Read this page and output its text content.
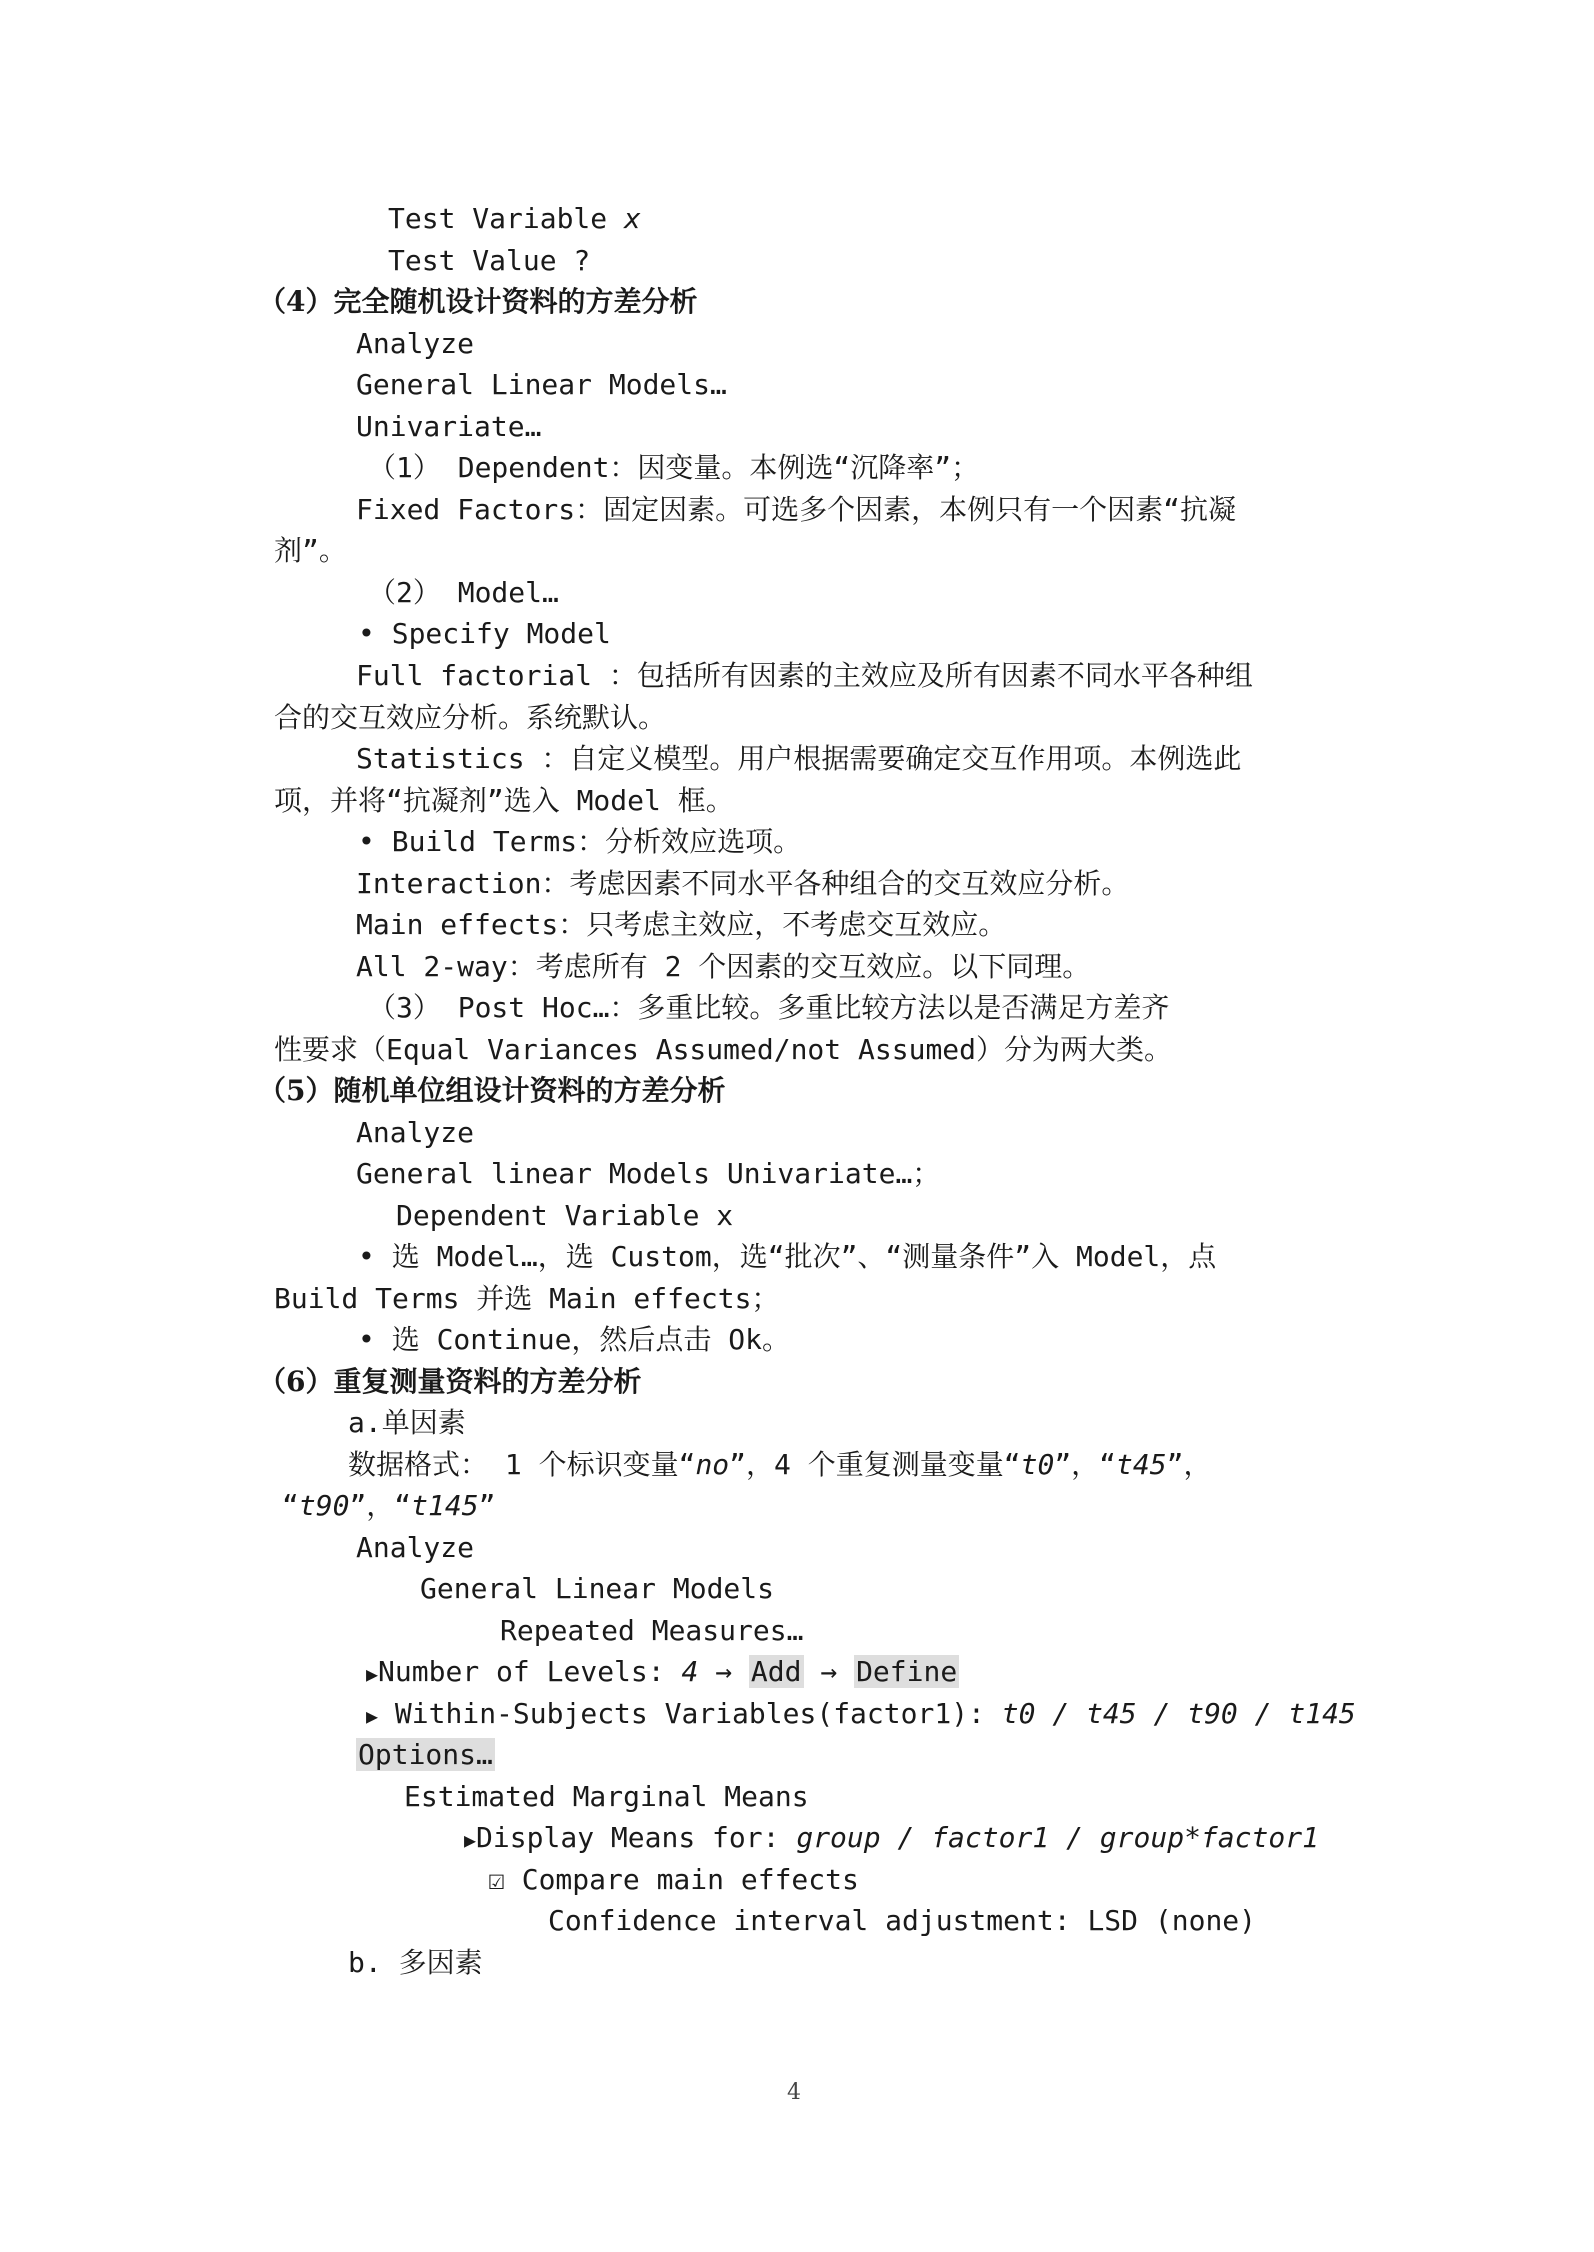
Test Variable x
Test Value ?
（4）完全随机设计资料的方差分析
Analyze
General Linear Models…
Univariate…
（1） Dependent：因变量。本例选“沉降率”；
Fixed Factors：固定因素。可选多个因素，本例只有一个因素“抗凝
剂”。
（2） Model…
• Specify Model
Full factorial ：包括所有因素的主效应及所有因素不同水平各种组
合的交互效应分析。系统默认。
Statistics ：自定义模型。用户根据需要确定交互作用项。本例选此
项，并将“抗凝剂”选入 Model 框。
• Build Terms：分析效应选项。
Interaction：考虑因素不同水平各种组合的交互效应分析。
Main effects：只考虑主效应，不考虑交互效应。
All 2-way：考虑所有 2 个因素的交互效应。以下同理。
（3） Post Hoc…：多重比较。多重比较方法以是否满足方差齐
性要求（Equal Variances Assumed/not Assumed）分为两大类。
（5）随机单位组设计资料的方差分析
Analyze
General linear Models Univariate…；
Dependent Variable x
• 选 Model…，选 Custom，选“批次”、“测量条件”入 Model，点
Build Terms 并选 Main effects；
• 选 Continue，然后点击 Ok。
（6）重复测量资料的方差分析
a.单因素
数据格式： 1 个标识变量“no”，4 个重复测量变量“t0”，“t45”，
“t90”，“t145”
Analyze
General Linear Models
Repeated Measures…
▶Number of Levels: 4 → Add → Define
▶ Within-Subjects Variables(factor1): t0 / t45 / t90 / t145
Options…
Estimated Marginal Means
▶Display Means for: group / factor1 / group*factor1
☑ Compare main effects
Confidence interval adjustment: LSD (none)
b. 多因素
4
